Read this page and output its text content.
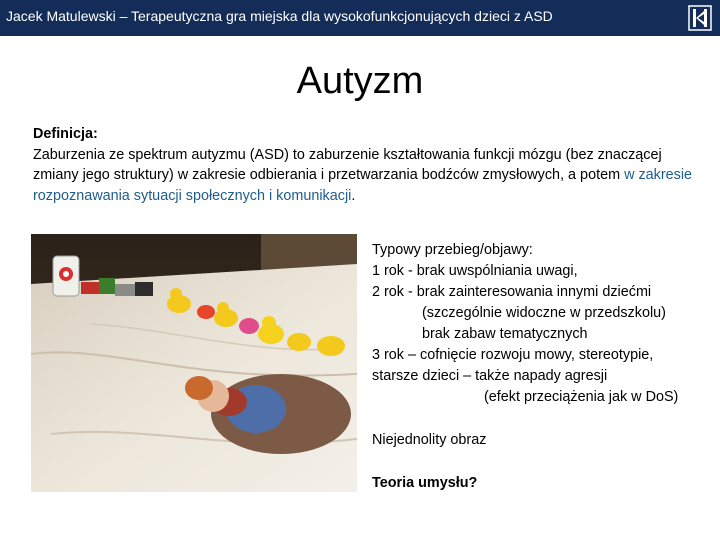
Jacek Matulewski – Terapeutyczna gra miejska dla wysokofunkcjonujących dzieci z ASD
Autyzm
Definicja:
Zaburzenia ze spektrum autyzmu (ASD) to zaburzenie kształtowania funkcji mózgu (bez znaczącej zmiany jego struktury) w zakresie odbierania i przetwarzania bodźców zmysłowych, a potem w zakresie rozpoznawania sytuacji społecznych i komunikacji.
Typowy przebieg/objawy:
1 rok - brak uwspólniania uwagi,
2 rok - brak zainteresowania innymi dziećmi
(szczególnie widoczne w przedszkolu)
brak zabaw tematycznych
3 rok – cofnięcie rozwoju mowy, stereotypie,
starsze dzieci – także napady agresji
(efekt przeciążenia jak w DoS)
Niejednolity obraz
Teoria umysłu?
